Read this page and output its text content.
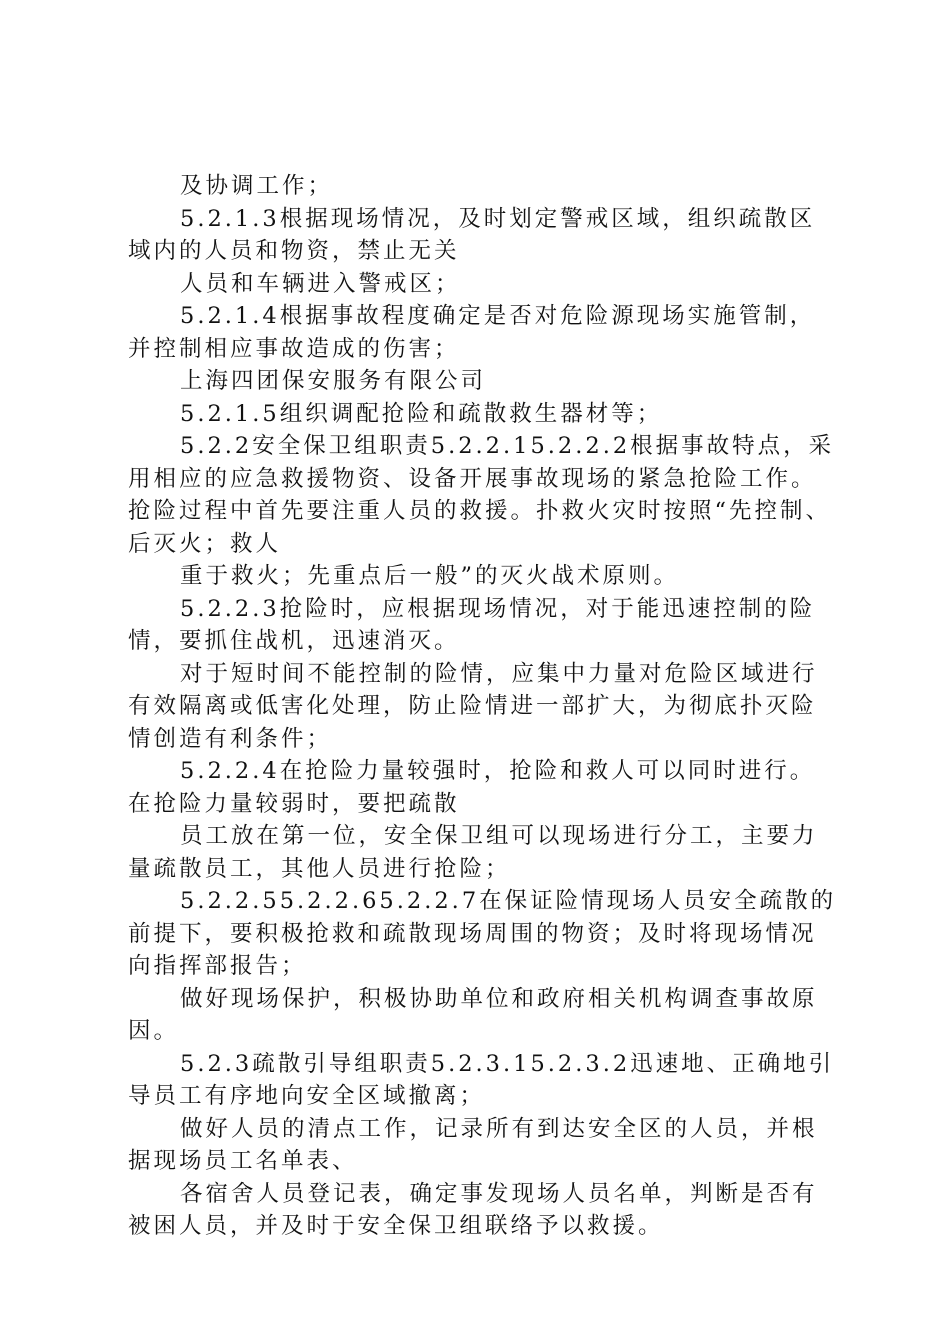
及协调工作；
5.2.1.3根据现场情况，及时划定警戒区域，组织疏散区
域内的人员和物资，禁止无关
人员和车辆进入警戒区；
5.2.1.4根据事故程度确定是否对危险源现场实施管制，
并控制相应事故造成的伤害；
上海四团保安服务有限公司
5.2.1.5组织调配抢险和疏散救生器材等；
5.2.2安全保卫组职责5.2.2.15.2.2.2根据事故特点，采
用相应的应急救援物资、设备开展事故现场的紧急抢险工作。
抢险过程中首先要注重人员的救援。扑救火灾时按照“先控制、
后灭火；救人
重于救火；先重点后一般”的灭火战术原则。
5.2.2.3抢险时，应根据现场情况，对于能迅速控制的险
情，要抓住战机，迅速消灭。
对于短时间不能控制的险情，应集中力量对危险区域进行
有效隔离或低害化处理，防止险情进一部扩大，为彻底扑灭险
情创造有利条件；
5.2.2.4在抢险力量较强时，抢险和救人可以同时进行。
在抢险力量较弱时，要把疏散
员工放在第一位，安全保卫组可以现场进行分工，主要力
量疏散员工，其他人员进行抢险；
5.2.2.55.2.2.65.2.2.7在保证险情现场人员安全疏散的
前提下，要积极抢救和疏散现场周围的物资；及时将现场情况
向指挥部报告；
做好现场保护，积极协助单位和政府相关机构调查事故原
因。
5.2.3疏散引导组职责5.2.3.15.2.3.2迅速地、正确地引
导员工有序地向安全区域撤离；
做好人员的清点工作，记录所有到达安全区的人员，并根
据现场员工名单表、
各宿舍人员登记表，确定事发现场人员名单，判断是否有
被困人员，并及时于安全保卫组联络予以救援。
